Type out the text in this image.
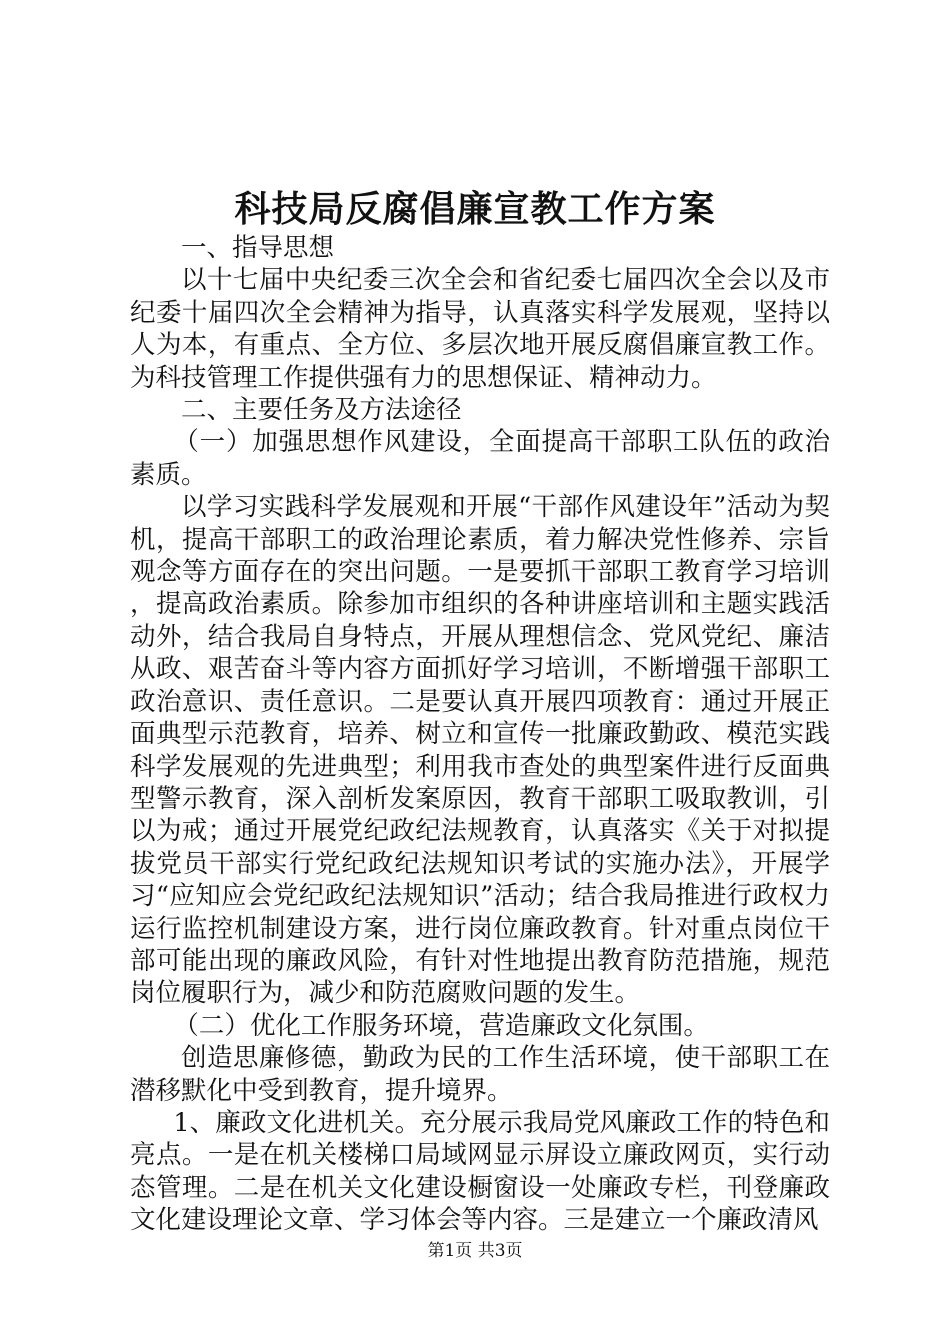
科技局反腐倡廉宣教工作方案

一、指导思想

以十七届中央纪委三次全会和省纪委七届四次全会以及市纪委十届四次全会精神为指导，认真落实科学发展观，坚持以人为本，有重点、全方位、多层次地开展反腐倡廉宣教工作。为科技管理工作提供强有力的思想保证、精神动力。

二、主要任务及方法途径

（一）加强思想作风建设，全面提高干部职工队伍的政治素质。

以学习实践科学发展观和开展“干部作风建设年”活动为契机，提高干部职工的政治理论素质，着力解决党性修养、宗旨观念等方面存在的突出问题。一是要抓干部职工教育学习培训，提高政治素质。除参加市组织的各种讲座培训和主题实践活动外，结合我局自身特点，开展从理想信念、党风党纪、廉洁从政、艰苦奋斗等内容方面抓好学习培训，不断增强干部职工政治意识、责任意识。二是要认真开展四项教育：通过开展正面典型示范教育，培养、树立和宣传一批廉政勤政、模范实践科学发展观的先进典型；利用我市查处的典型案件进行反面典型警示教育，深入剖析发案原因，教育干部职工吸取教训，引以为戒；通过开展党纪政纪法规教育，认真落实《关于对拟提拔党员干部实行党纪政纪法规知识考试的实施办法》，开展学习“应知应会党纪政纪法规知识”活动；结合我局推进行政权力运行监控机制建设方案，进行岗位廉政教育。针对重点岗位干部可能出现的廉政风险，有针对性地提出教育防范措施，规范岗位履职行为，减少和防范腐败问题的发生。

（二）优化工作服务环境，营造廉政文化氛围。

创造思廉修德，勤政为民的工作生活环境，使干部职工在潜移默化中受到教育，提升境界。

1、廉政文化进机关。充分展示我局党风廉政工作的特色和亮点。一是在机关楼梯口局域网显示屏设立廉政网页，实行动态管理。二是在机关文化建设橱窗设一处廉政专栏，刊登廉政文化建设理论文章、学习体会等内容。三是建立一个廉政清风

第1页 共3页
